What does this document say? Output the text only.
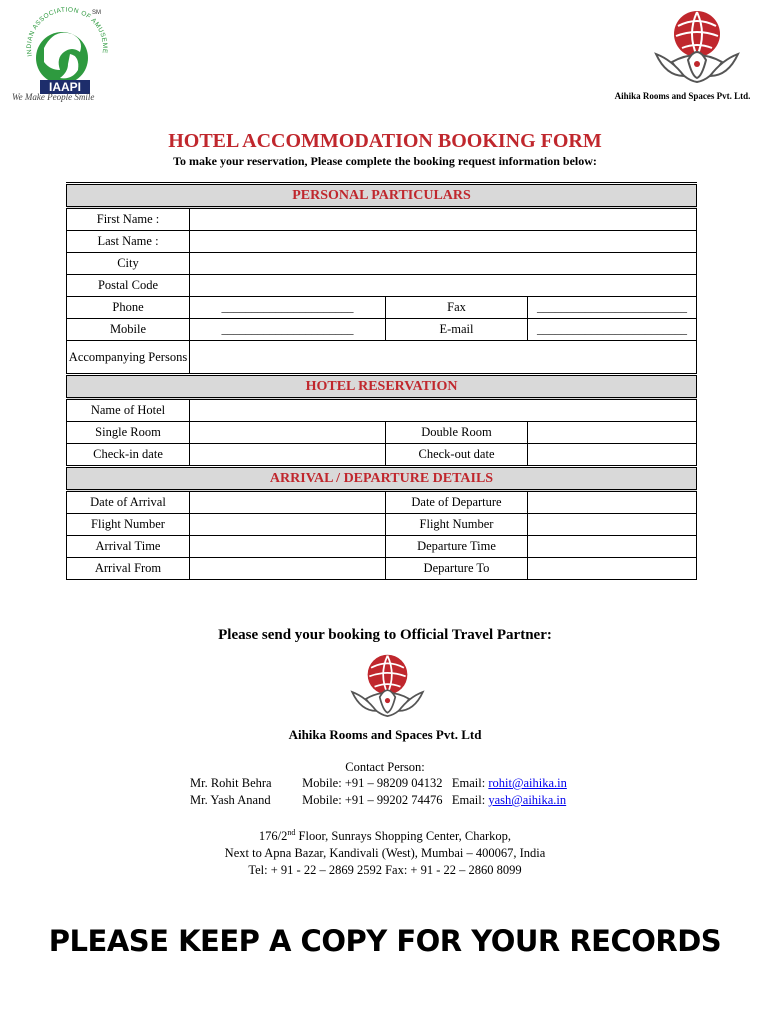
INDIAN ASSOCIATION OF AMUSEME
SM
IAAPI
We Make People Smile	Aihika Rooms and Spaces Pvt. Ltd.
HOTEL ACCOMMODATION BOOKING FORM
To make your reservation, Please complete the booking request information below:
PERSONAL PARTICULARS			
First Name :			
Last Name :			
City			
Postal Code			
Phone	______________________	Fax	_________________________
Mobile	______________________	E-mail	_________________________
Accompanying Persons			
HOTEL RESERVATION			
Name of Hotel			
Single Room		Double Room	
Check-in date		Check-out date	
ARRIVAL / DEPARTURE DETAILS			
Date of Arrival		Date of Departure	
Flight Number		Flight Number	
Arrival Time		Departure Time	
Arrival From		Departure To	
Please send your booking to Official Travel Partner:
Aihika Rooms and Spaces Pvt. Ltd
Contact Person:
Mr. Rohit Behra Mobile: +91 – 98209 04132 Email: rohit@aihika.in
Mr. Yash Anand	Mobile: +91 – 99202 74476 Email: yash@aihika.in
176/2nd Floor, Sunrays Shopping Center, Charkop,
Next to Apna Bazar, Kandivali (West), Mumbai – 400067, India
Tel: + 91 - 22 – 2869 2592 Fax: + 91 - 22 – 2860 8099
PLEASE KEEP A COPY FOR YOUR RECORDS
